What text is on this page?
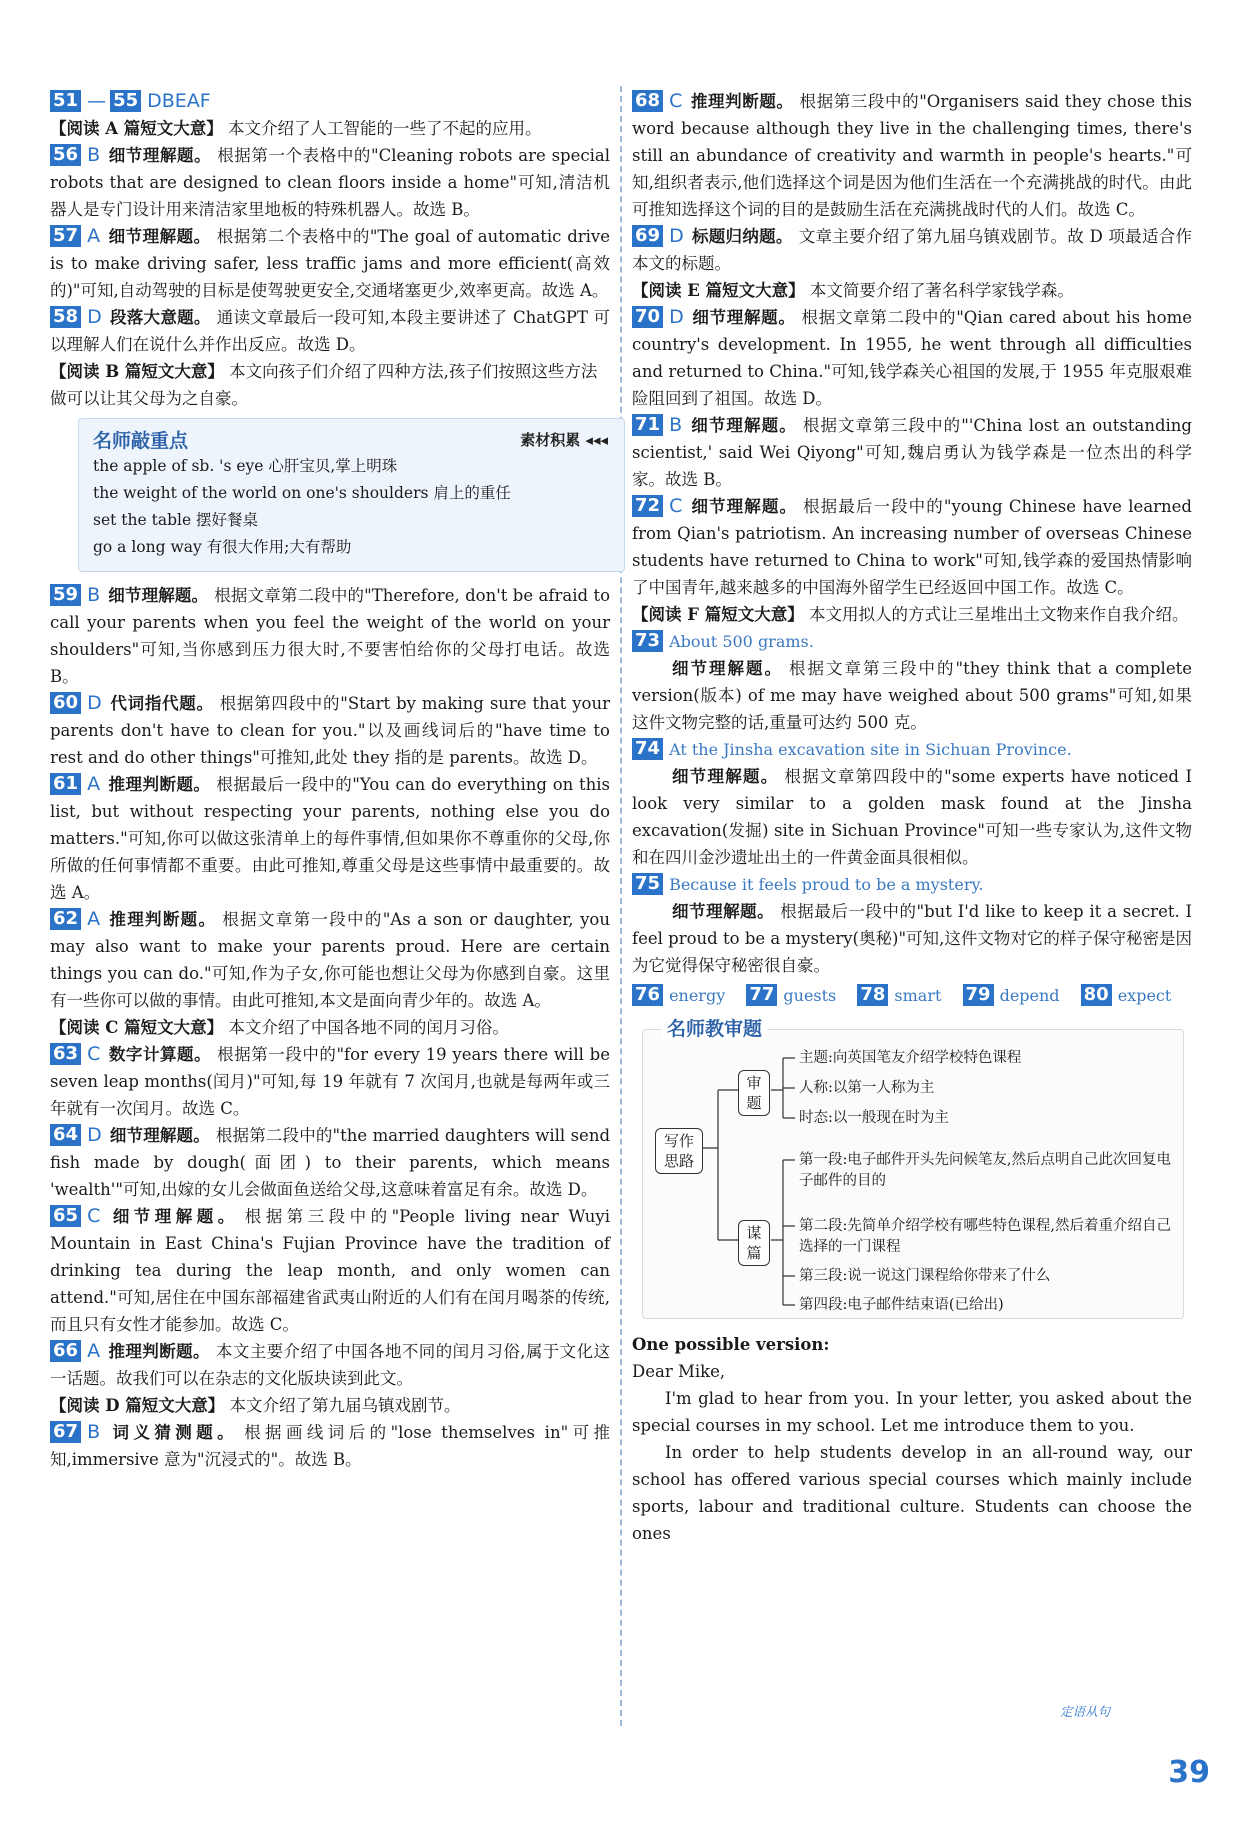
51 — 55 DBEAF

【阅读 A 篇短文大意】 本文介绍了人工智能的一些了不起的应用。

56 B 细节理解题。 根据第一个表格中的"Cleaning robots are special robots that are designed to clean floors inside a home"可知,清洁机器人是专门设计用来清洁家里地板的特殊机器人。故选 B。
57 A 细节理解题。 根据第二个表格中的"The goal of automatic drive is to make driving safer, less traffic jams and more efficient(高效的)"可知,自动驾驶的目标是使驾驶更安全,交通堵塞更少,效率更高。故选 A。
58 D 段落大意题。 通读文章最后一段可知,本段主要讲述了 ChatGPT 可以理解人们在说什么并作出反应。故选 D。

【阅读 B 篇短文大意】 本文向孩子们介绍了四种方法,孩子们按照这些方法做可以让其父母为之自豪。

名师敲重点	素材积累 ◂◂◂
the apple of sb. 's eye 心肝宝贝,掌上明珠
the weight of the world on one's shoulders 肩上的重任
set the table 摆好餐桌
go a long way 有很大作用;大有帮助
59 B 细节理解题。 根据文章第二段中的"Therefore, don't be afraid to call your parents when you feel the weight of the world on your shoulders"可知,当你感到压力很大时,不要害怕给你的父母打电话。故选 B。
60 D 代词指代题。 根据第四段中的"Start by making sure that your parents don't have to clean for you."以及画线词后的"have time to rest and do other things"可推知,此处 they 指的是 parents。故选 D。
61 A 推理判断题。 根据最后一段中的"You can do everything on this list, but without respecting your parents, nothing else you do matters."可知,你可以做这张清单上的每件事情,但如果你不尊重你的父母,你所做的任何事情都不重要。由此可推知,尊重父母是这些事情中最重要的。故选 A。
62 A 推理判断题。 根据文章第一段中的"As a son or daughter, you may also want to make your parents proud. Here are certain things you can do."可知,作为子女,你可能也想让父母为你感到自豪。这里有一些你可以做的事情。由此可推知,本文是面向青少年的。故选 A。

【阅读 C 篇短文大意】 本文介绍了中国各地不同的闰月习俗。

63 C 数字计算题。 根据第一段中的"for every 19 years there will be seven leap months(闰月)"可知,每 19 年就有 7 次闰月,也就是每两年或三年就有一次闰月。故选 C。
64 D 细节理解题。 根据第二段中的"the married daughters will send fish made by dough(面团) to their parents, which means 'wealth'"可知,出嫁的女儿会做面鱼送给父母,这意味着富足有余。故选 D。
65 C 细节理解题。 根据第三段中的"People living near Wuyi Mountain in East China's Fujian Province have the tradition of drinking tea during the leap month, and only women can attend."可知,居住在中国东部福建省武夷山附近的人们有在闰月喝茶的传统,而且只有女性才能参加。故选 C。
66 A 推理判断题。 本文主要介绍了中国各地不同的闰月习俗,属于文化这一话题。故我们可以在杂志的文化版块读到此文。

【阅读 D 篇短文大意】 本文介绍了第九届乌镇戏剧节。

67 B 词义猜测题。 根据画线词后的"lose themselves in"可推知,immersive 意为"沉浸式的"。故选 B。
68 C 推理判断题。 根据第三段中的"Organisers said they chose this word because although they live in the challenging times, there's still an abundance of creativity and warmth in people's hearts."可知,组织者表示,他们选择这个词是因为他们生活在一个充满挑战的时代。由此可推知选择这个词的目的是鼓励生活在充满挑战时代的人们。故选 C。
69 D 标题归纳题。 文章主要介绍了第九届乌镇戏剧节。故 D 项最适合作本文的标题。

【阅读 E 篇短文大意】 本文简要介绍了著名科学家钱学森。

70 D 细节理解题。 根据文章第二段中的"Qian cared about his home country's development. In 1955, he went through all difficulties and returned to China."可知,钱学森关心祖国的发展,于 1955 年克服艰难险阻回到了祖国。故选 D。
71 B 细节理解题。 根据文章第三段中的"'China lost an outstanding scientist,' said Wei Qiyong"可知,魏启勇认为钱学森是一位杰出的科学家。故选 B。
72 C 细节理解题。 根据最后一段中的"young Chinese have learned from Qian's patriotism. An increasing number of overseas Chinese students have returned to China to work"可知,钱学森的爱国热情影响了中国青年,越来越多的中国海外留学生已经返回中国工作。故选 C。

【阅读 F 篇短文大意】 本文用拟人的方式让三星堆出土文物来作自我介绍。

73 About 500 grams.
细节理解题。 根据文章第三段中的"they think that a complete version(版本) of me may have weighed about 500 grams"可知,如果这件文物完整的话,重量可达约 500 克。
74 At the Jinsha excavation site in Sichuan Province.
细节理解题。 根据文章第四段中的"some experts have noticed I look very similar to a golden mask found at the Jinsha excavation(发掘) site in Sichuan Province"可知一些专家认为,这件文物和在四川金沙遗址出土的一件黄金面具很相似。
75 Because it feels proud to be a mystery.
细节理解题。 根据最后一段中的"but I'd like to keep it a secret. I feel proud to be a mystery(奥秘)"可知,这件文物对它的样子保守秘密是因为它觉得保守秘密很自豪。
76 energy 77 guests 78 smart 79 depend 80 expect
名师教审题
写作思路
审题
谋篇
主题:向英国笔友介绍学校特色课程
人称:以第一人称为主
时态:以一般现在时为主
第一段:电子邮件开头先问候笔友,然后点明自己此次回复电子邮件的目的
第二段:先简单介绍学校有哪些特色课程,然后着重介绍自己选择的一门课程
第三段:说一说这门课程给你带来了什么
第四段:电子邮件结束语(已给出)
One possible version:
Dear Mike,
I'm glad to hear from you. In your letter, you asked about the special courses in my school. Let me introduce them to you.
In order to help students develop in an all-round way, our school has offered various special courses which mainly include sports, labour and traditional culture. Students can choose the ones
定语从句
39
